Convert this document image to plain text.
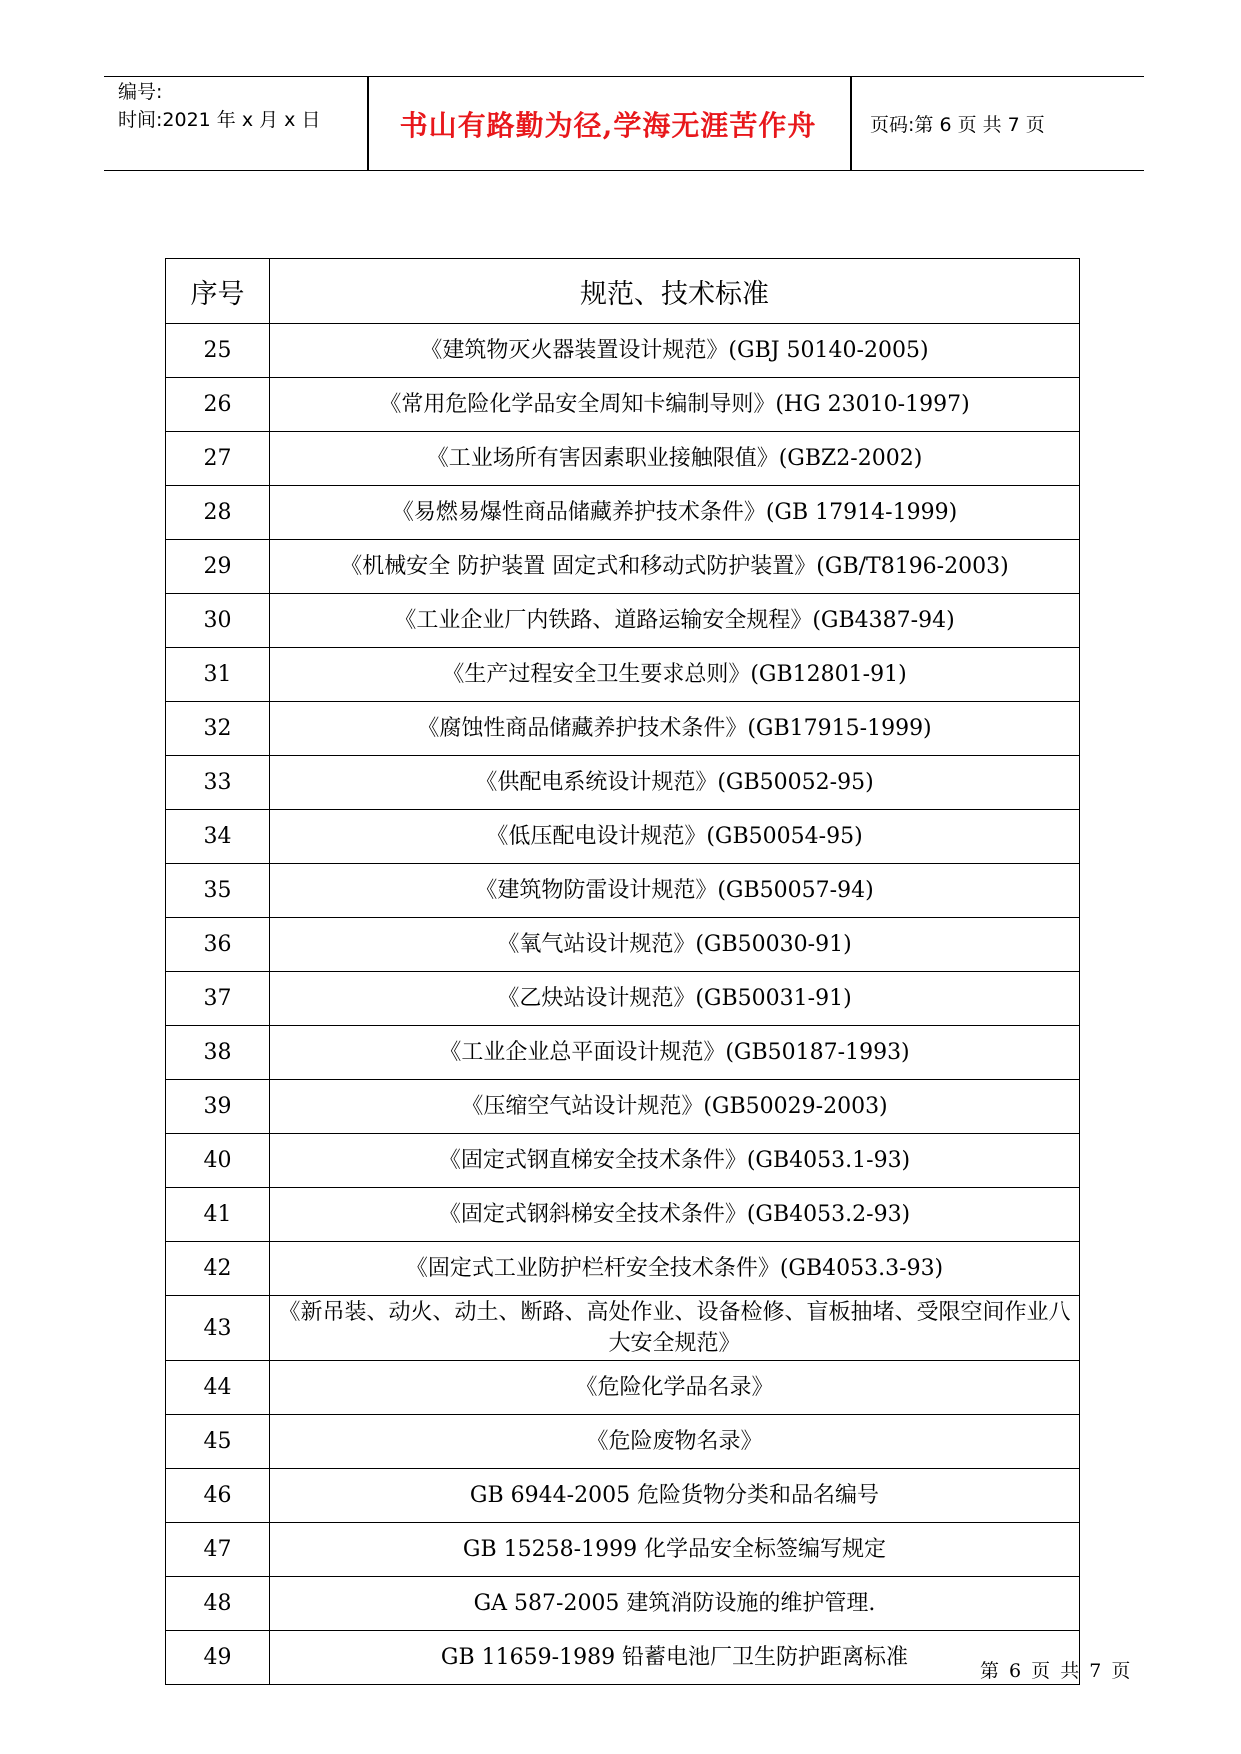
编号:
时间:2021 年 x 月 x 日	书山有路勤为径,学海无涯苦作舟	页码:第 6 页 共 7 页
序号	规范、技术标准
25	《建筑物灭火器装置设计规范》(GBJ 50140-2005)
26	《常用危险化学品安全周知卡编制导则》(HG 23010-1997)
27	《工业场所有害因素职业接触限值》(GBZ2-2002)
28	《易燃易爆性商品储藏养护技术条件》(GB 17914-1999)
29	《机械安全 防护装置 固定式和移动式防护装置》(GB/T8196-2003)
30	《工业企业厂内铁路、道路运输安全规程》(GB4387-94)
31	《生产过程安全卫生要求总则》(GB12801-91)
32	《腐蚀性商品储藏养护技术条件》(GB17915-1999)
33	《供配电系统设计规范》(GB50052-95)
34	《低压配电设计规范》(GB50054-95)
35	《建筑物防雷设计规范》(GB50057-94)
36	《氧气站设计规范》(GB50030-91)
37	《乙炔站设计规范》(GB50031-91)
38	《工业企业总平面设计规范》(GB50187-1993)
39	《压缩空气站设计规范》(GB50029-2003)
40	《固定式钢直梯安全技术条件》(GB4053.1-93)
41	《固定式钢斜梯安全技术条件》(GB4053.2-93)
42	《固定式工业防护栏杆安全技术条件》(GB4053.3-93)
43	《新吊装、动火、动土、断路、高处作业、设备检修、盲板抽堵、受限空间作业八大安全规范》
44	《危险化学品名录》
45	《危险废物名录》
46	GB 6944-2005 危险货物分类和品名编号
47	GB 15258-1999 化学品安全标签编写规定
48	GA 587-2005 建筑消防设施的维护管理.
49	GB 11659-1989 铅蓄电池厂卫生防护距离标准
第 6 页 共 7 页
